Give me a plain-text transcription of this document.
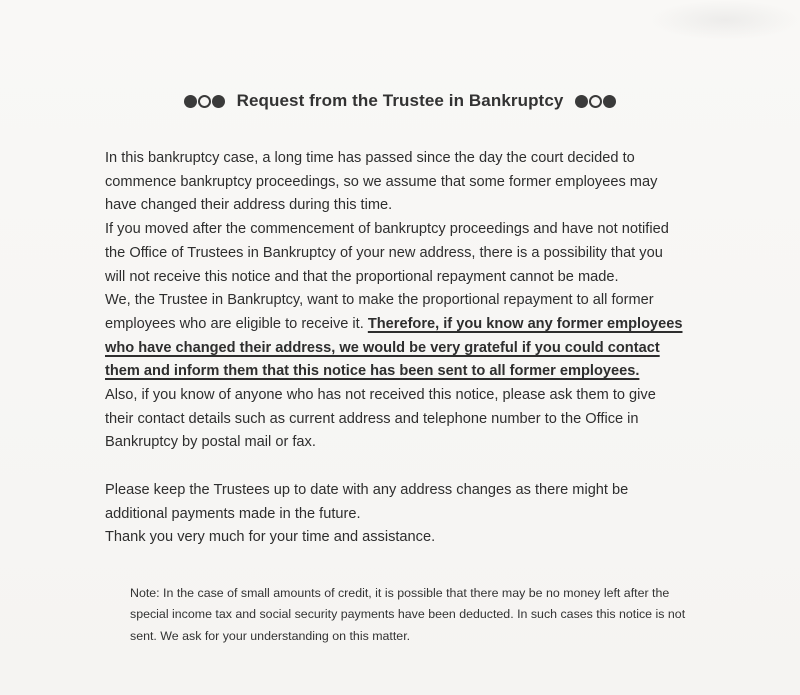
Request from the Trustee in Bankruptcy

In this bankruptcy case, a long time has passed since the day the court decided to commence bankruptcy proceedings, so we assume that some former employees may have changed their address during this time.

If you moved after the commencement of bankruptcy proceedings and have not notified the Office of Trustees in Bankruptcy of your new address, there is a possibility that you will not receive this notice and that the proportional repayment cannot be made.

We, the Trustee in Bankruptcy, want to make the proportional repayment to all former employees who are eligible to receive it. Therefore, if you know any former employees who have changed their address, we would be very grateful if you could contact them and inform them that this notice has been sent to all former employees.

Also, if you know of anyone who has not received this notice, please ask them to give their contact details such as current address and telephone number to the Office in Bankruptcy by postal mail or fax.

Please keep the Trustees up to date with any address changes as there might be additional payments made in the future.

Thank you very much for your time and assistance.

Note: In the case of small amounts of credit, it is possible that there may be no money left after the special income tax and social security payments have been deducted. In such cases this notice is not sent. We ask for your understanding on this matter.
